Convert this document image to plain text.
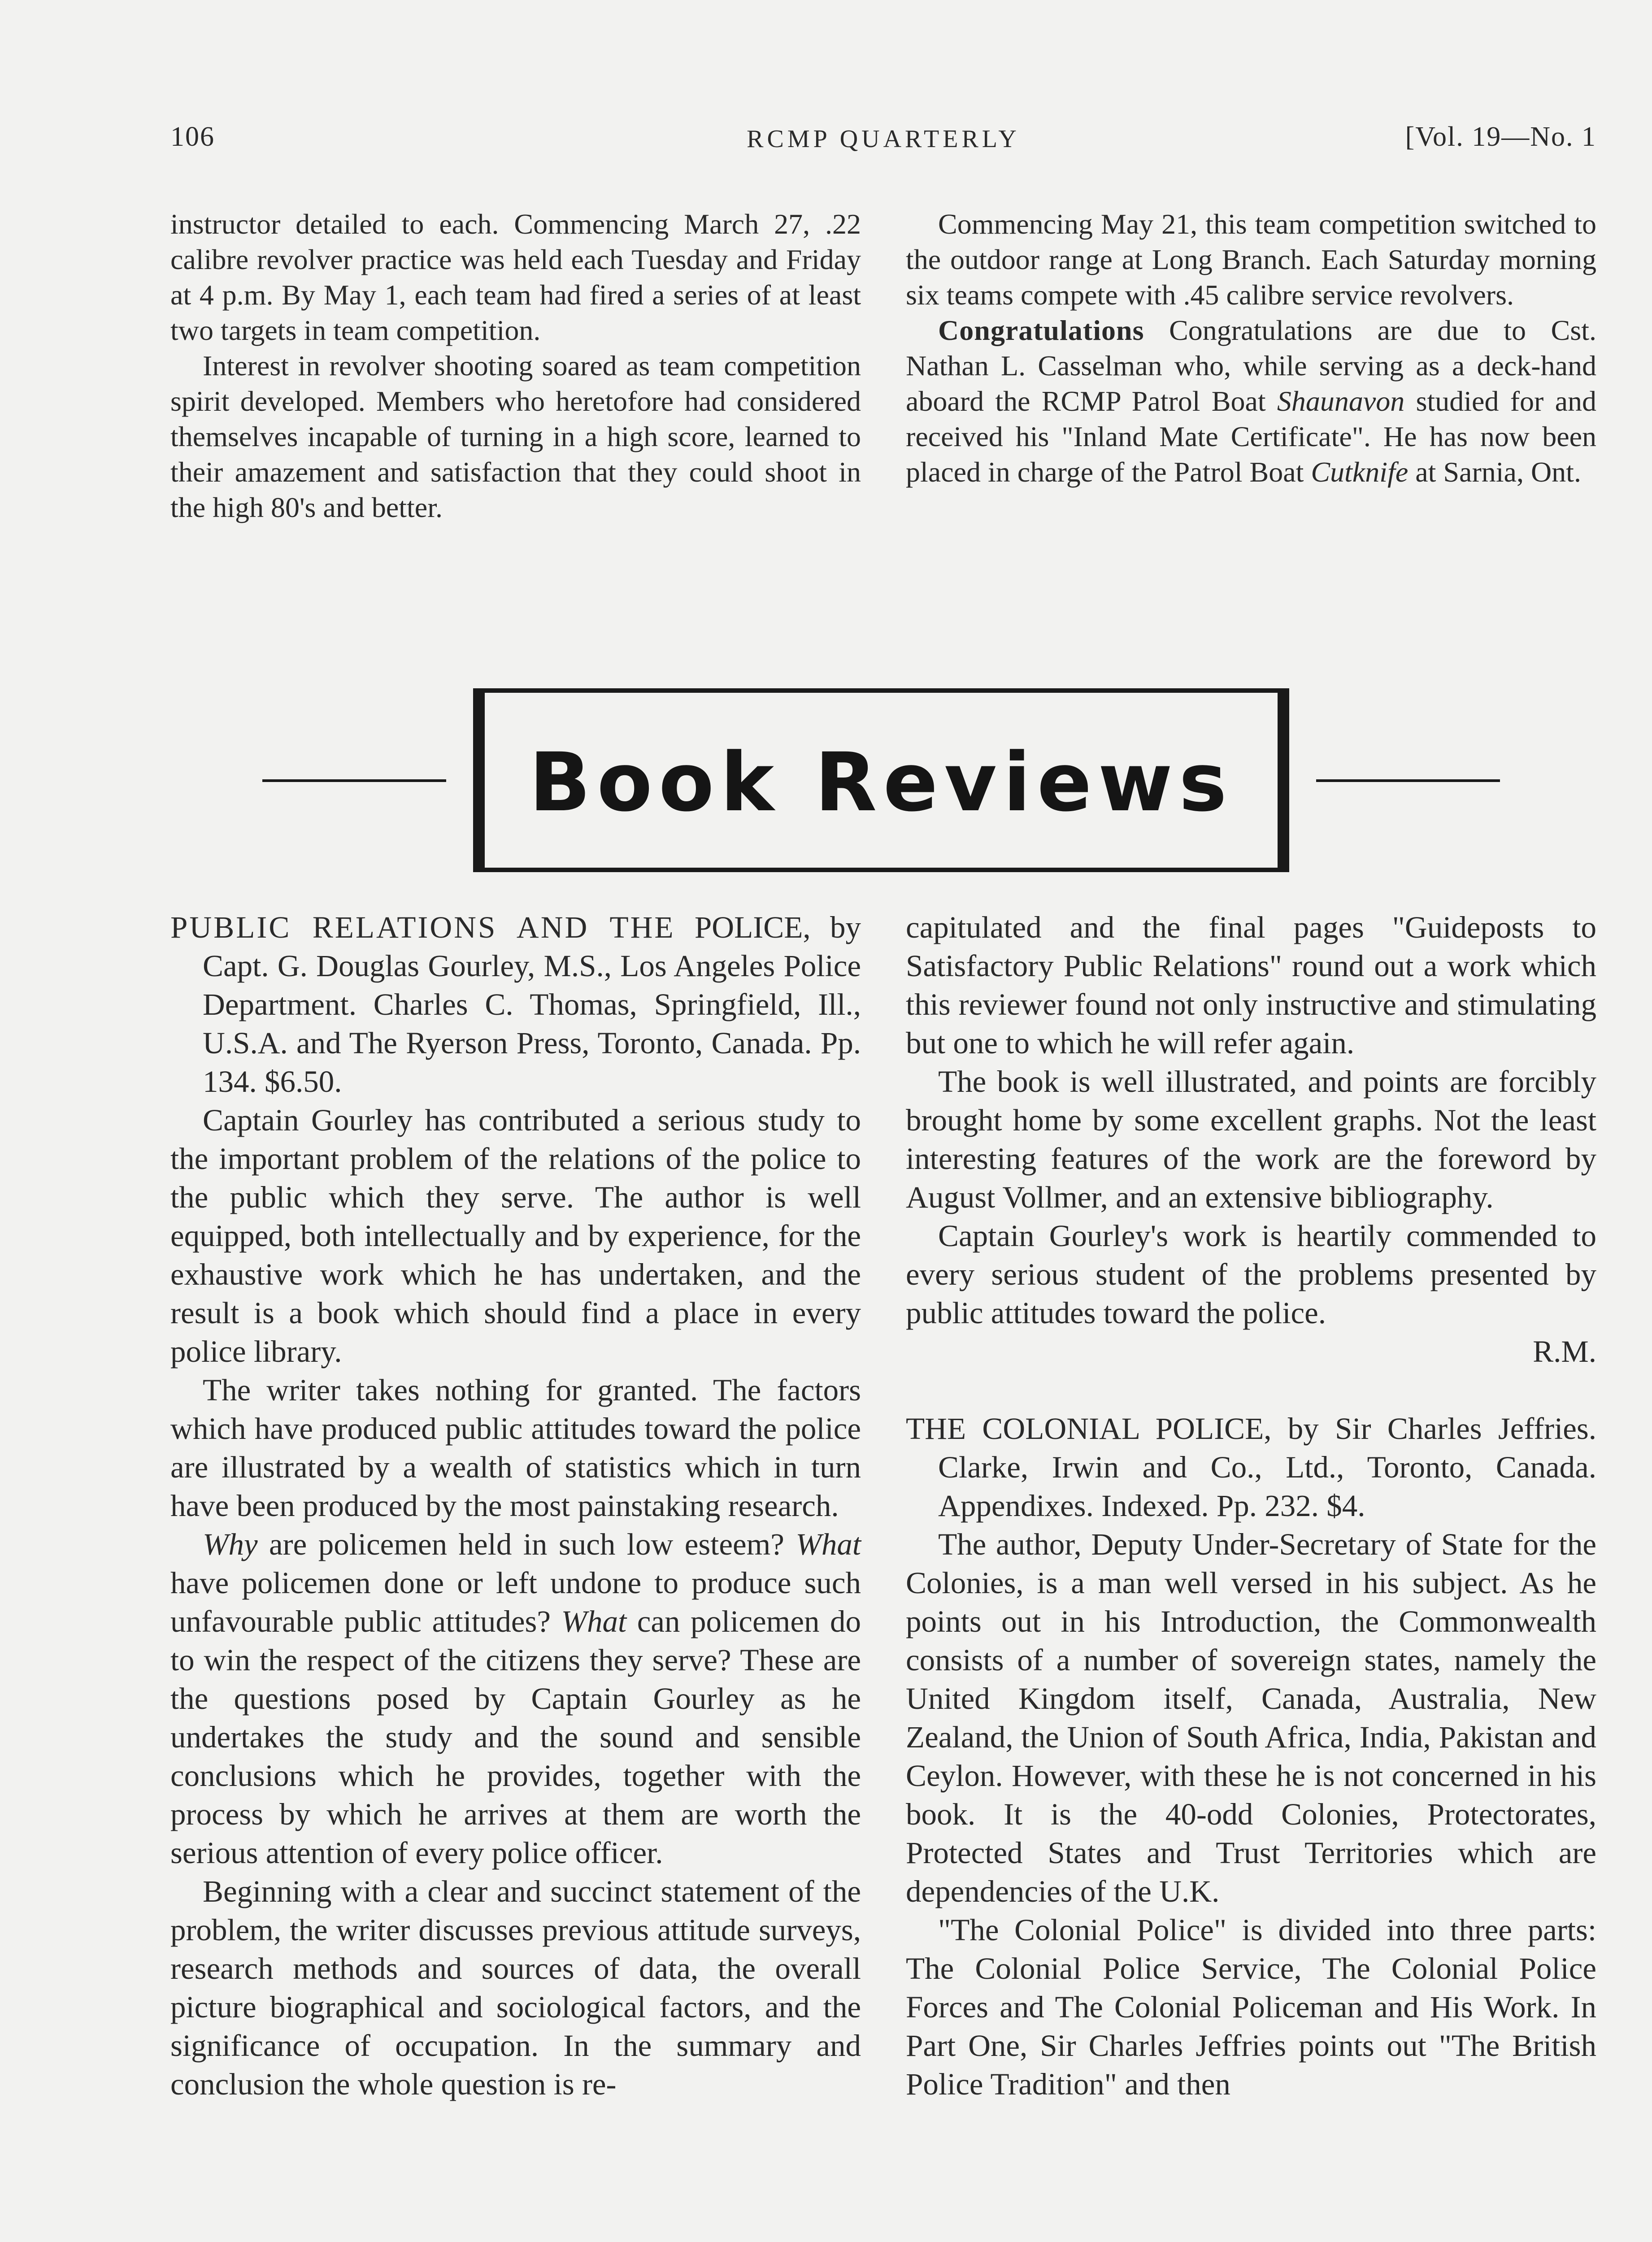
106	RCMP QUARTERLY	[Vol. 19—No. 1

instructor detailed to each. Commencing March 27, .22 calibre revolver practice was held each Tuesday and Friday at 4 p.m. By May 1, each team had fired a series of at least two targets in team competition.

Interest in revolver shooting soared as team competition spirit developed. Members who heretofore had considered themselves incapable of turning in a high score, learned to their amazement and satisfaction that they could shoot in the high 80's and better.

Commencing May 21, this team competition switched to the outdoor range at Long Branch. Each Saturday morning six teams compete with .45 calibre service revolvers.

Congratulations Congratulations are due to Cst. Nathan L. Casselman who, while serving as a deck-hand aboard the RCMP Patrol Boat Shaunavon studied for and received his "Inland Mate Certificate". He has now been placed in charge of the Patrol Boat Cutknife at Sarnia, Ont.

Book Reviews

PUBLIC RELATIONS AND THE POLICE, by Capt. G. Douglas Gourley, M.S., Los Angeles Police Department. Charles C. Thomas, Springfield, Ill., U.S.A. and The Ryerson Press, Toronto, Canada. Pp. 134. $6.50.

Captain Gourley has contributed a serious study to the important problem of the relations of the police to the public which they serve. The author is well equipped, both intellectually and by experience, for the exhaustive work which he has undertaken, and the result is a book which should find a place in every police library.

The writer takes nothing for granted. The factors which have produced public attitudes toward the police are illustrated by a wealth of statistics which in turn have been produced by the most painstaking research.

Why are policemen held in such low esteem? What have policemen done or left undone to produce such unfavourable public attitudes? What can policemen do to win the respect of the citizens they serve? These are the questions posed by Captain Gourley as he undertakes the study and the sound and sensible conclusions which he provides, together with the process by which he arrives at them are worth the serious attention of every police officer.

Beginning with a clear and succinct statement of the problem, the writer discusses previous attitude surveys, research methods and sources of data, the overall picture biographical and sociological factors, and the significance of occupation. In the summary and conclusion the whole question is re-

capitulated and the final pages "Guideposts to Satisfactory Public Relations" round out a work which this reviewer found not only instructive and stimulating but one to which he will refer again.

The book is well illustrated, and points are forcibly brought home by some excellent graphs. Not the least interesting features of the work are the foreword by August Vollmer, and an extensive bibliography.

Captain Gourley's work is heartily commended to every serious student of the problems presented by public attitudes toward the police.

R.M.

THE COLONIAL POLICE, by Sir Charles Jeffries. Clarke, Irwin and Co., Ltd., Toronto, Canada. Appendixes. Indexed. Pp. 232. $4.

The author, Deputy Under-Secretary of State for the Colonies, is a man well versed in his subject. As he points out in his Introduction, the Commonwealth consists of a number of sovereign states, namely the United Kingdom itself, Canada, Australia, New Zealand, the Union of South Africa, India, Pakistan and Ceylon. However, with these he is not concerned in his book. It is the 40-odd Colonies, Protectorates, Protected States and Trust Territories which are dependencies of the U.K.

"The Colonial Police" is divided into three parts: The Colonial Police Service, The Colonial Police Forces and The Colonial Policeman and His Work. In Part One, Sir Charles Jeffries points out "The British Police Tradition" and then
